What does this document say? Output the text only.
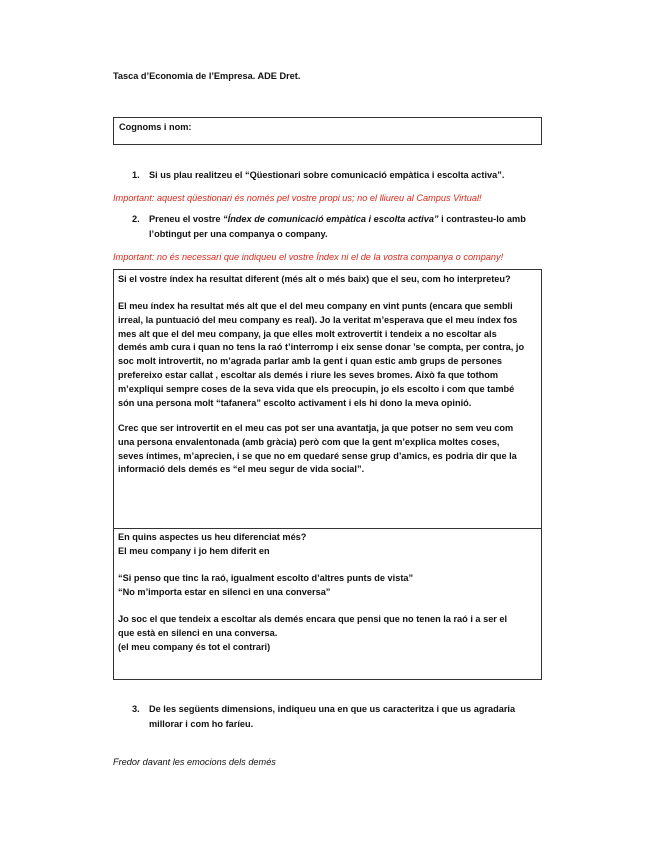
Tasca d’Economia de l’Empresa. ADE Dret.
Cognoms i nom:
1. Si us plau realitzeu el “Qüestionari sobre comunicació empàtica i escolta activa”.
Important: aquest qüestionari és només pel vostre propi us; no el lliureu al Campus Virtual!
2. Preneu el vostre “Índex de comunicació empàtica i escolta activa” i contrasteu-lo amb
l’obtingut per una companya o company.
Important: no és necessari que indiqueu el vostre Índex ni el de la vostra companya o company!
Si el vostre índex ha resultat diferent (més alt o més baix) que el seu, com ho interpreteu?
El meu índex ha resultat més alt que el del meu company en vint punts (encara que sembli
irreal, la puntuació del meu company es real). Jo la veritat m’esperava que el meu índex fos
mes alt que el del meu company, ja que elles molt extrovertit i tendeix a no escoltar als
demés amb cura i quan no tens la raó t’interromp i eix sense donar ’se compta, per contra, jo
soc molt introvertit, no m’agrada parlar amb la gent i quan estic amb grups de persones
prefereixo estar callat , escoltar als demés i riure les seves bromes. Això fa que tothom
m’expliqui sempre coses de la seva vida que els preocupin, jo els escolto i com que també
són una persona molt “tafanera” escolto activament i els hi dono la meva opinió.
Crec que ser introvertit en el meu cas pot ser una avantatja, ja que potser no sem veu com
una persona envalentonada (amb gràcia) però com que la gent m’explica moltes coses,
seves íntimes, m’aprecien, i se que no em quedaré sense grup d’amics, es podria dir que la
informació dels demés es “el meu segur de vida social”.
En quins aspectes us heu diferenciat més?
El meu company i jo hem diferit en
“Si penso que tinc la raó, igualment escolto d’altres punts de vista”
“No m’importa estar en silenci en una conversa”
Jo soc el que tendeix a escoltar als demés encara que pensi que no tenen la raó i a ser el
que està en silenci en una conversa.
(el meu company és tot el contrari)
3. De les següents dimensions, indiqueu una en que us caracteritza i que us agradaria
millorar i com ho faríeu.
Fredor davant les emocions dels demés
